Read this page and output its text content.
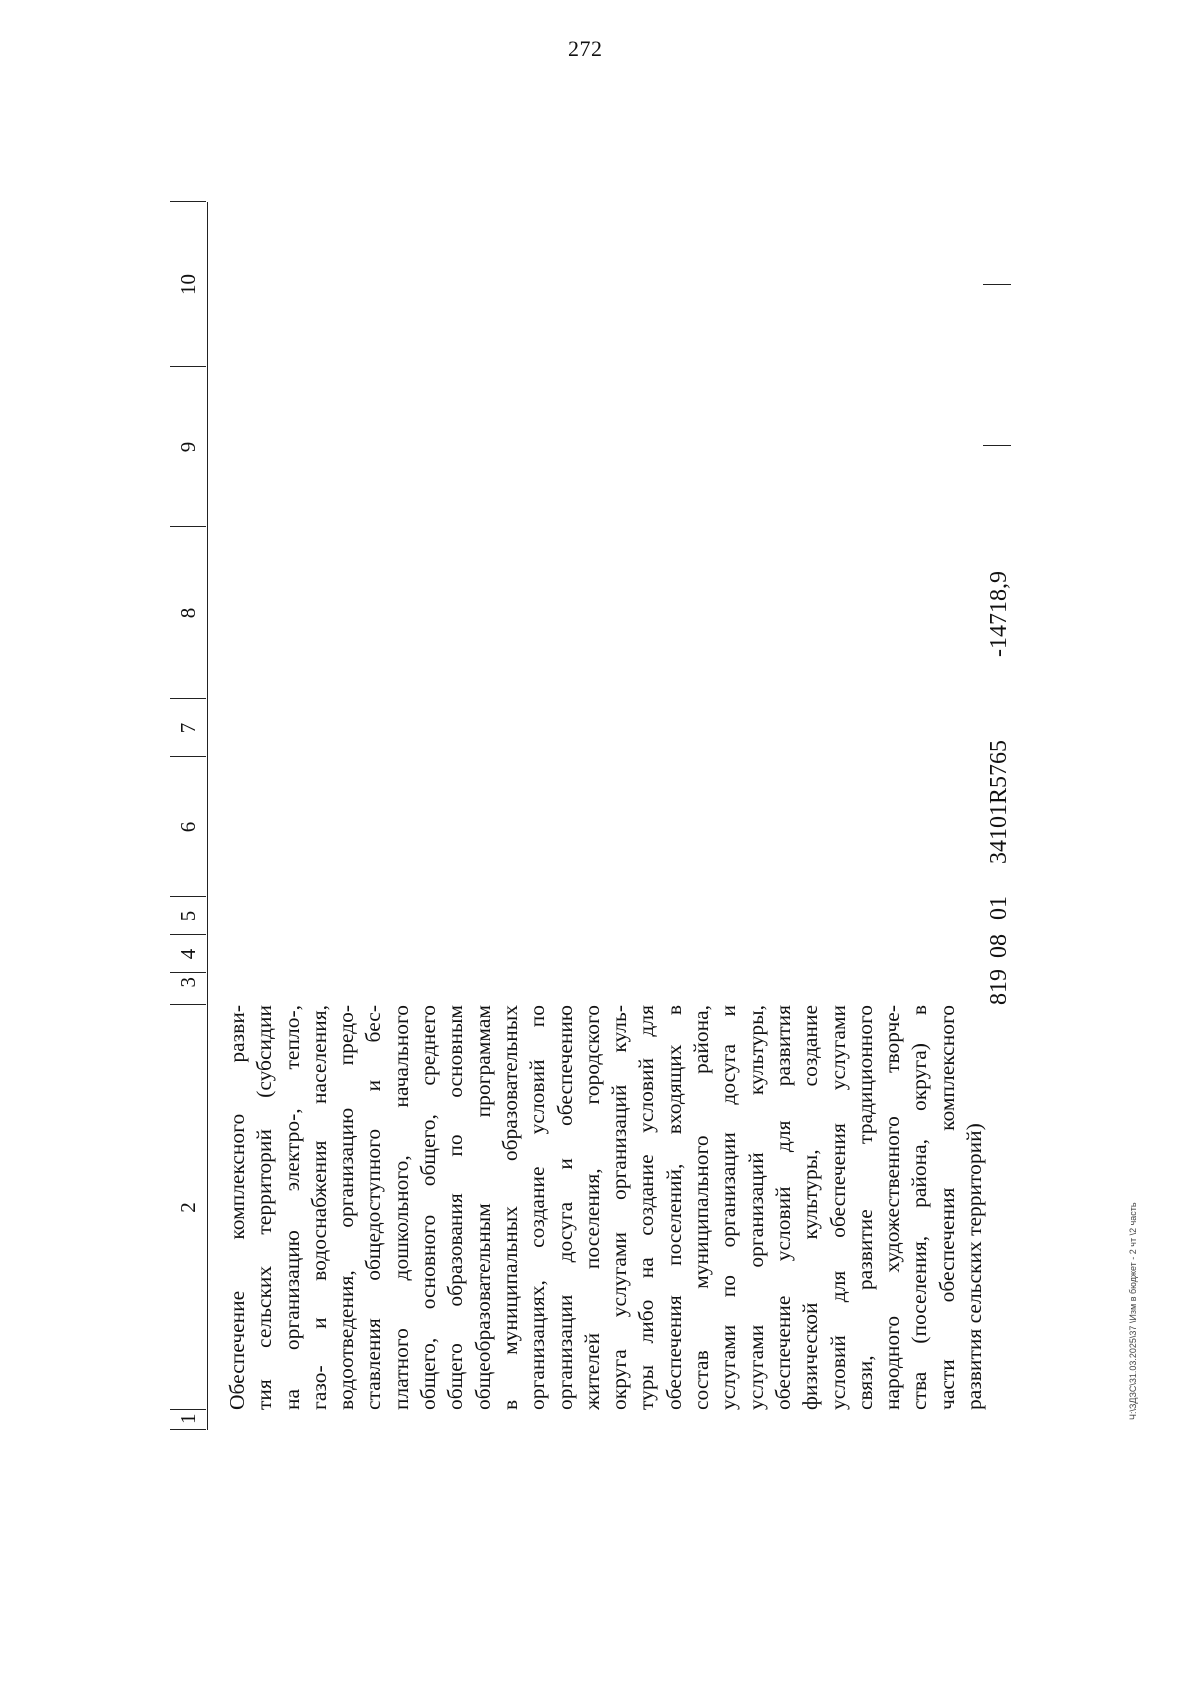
272
1
2
3
4
5
6
7
8
9
10
Обеспечение комплексного разви- тия сельских территорий (субсидии на организацию электро-, тепло-, газо- и водоснабжения населения, водоотведения, организацию предо- ставления общедоступного и бес- платного дошкольного, начального общего, основного общего, среднего общего образования по основным общеобразовательным программам в муниципальных образовательных организациях, создание условий по организации досуга и обеспечению жителей поселения, городского округа услугами организаций куль- туры либо на создание условий для обеспечения поселений, входящих в состав муниципального района, услугами по организации досуга и услугами организаций культуры, обеспечение условий для развития физической культуры, создание условий для обеспечения услугами связи, развитие традиционного народного художественного творче- ства (поселения, района, округа) в части обеспечения комплексного развития сельских территорий)
819
08
01
34101R5765
-14718,9
Ч:\ЗДЗС\31.03.2025\37 \Изм в бюджет - 2 чт \2 часть
